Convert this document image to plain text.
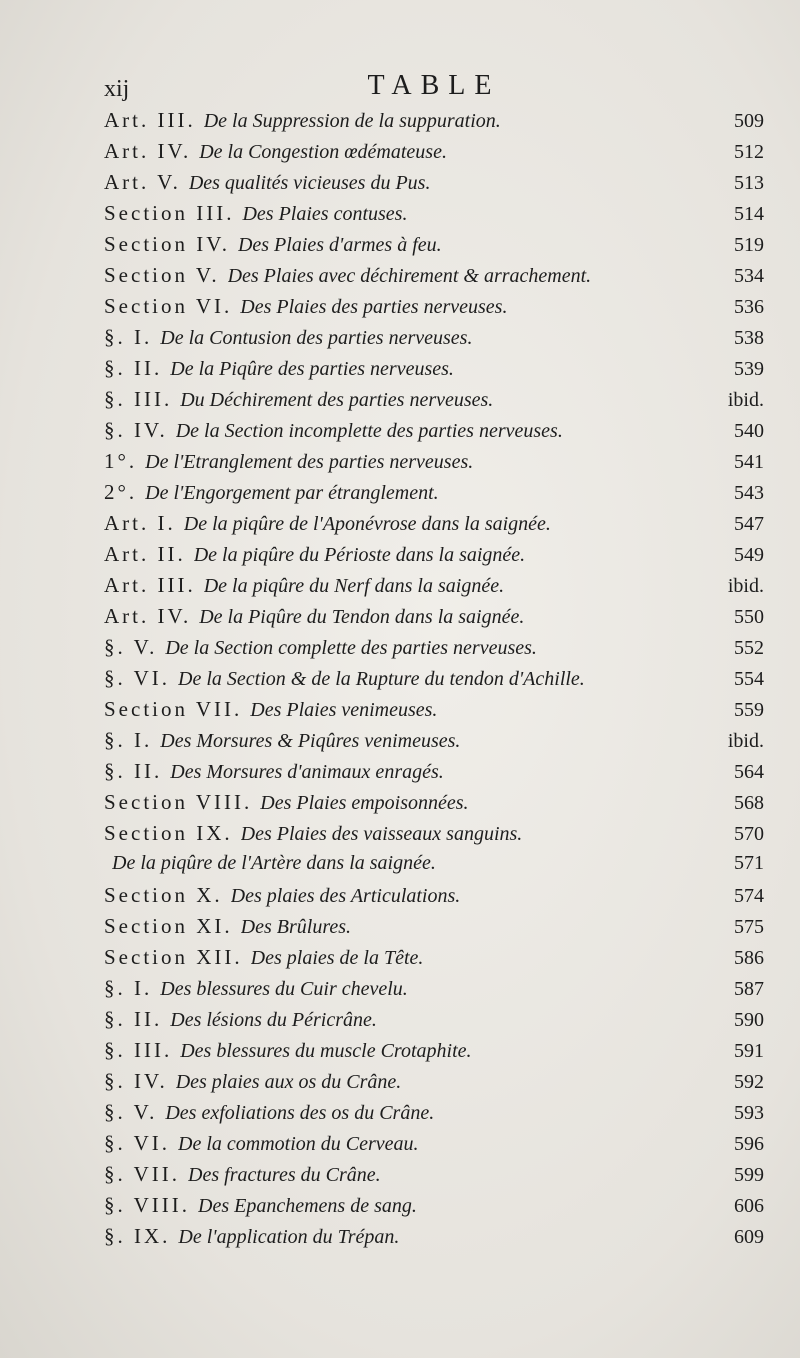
xij	TABLE
Art. III. De la Suppression de la suppuration.	509
Art. IV. De la Congestion œdémateuse.	512
Art. V. Des qualités vicieuses du Pus.	513
Section III. Des Plaies contuses.	514
Section IV. Des Plaies d'armes à feu.	519
Section V. Des Plaies avec déchirement & arrachement.	534
Section VI. Des Plaies des parties nerveuses.	536
§. I. De la Contusion des parties nerveuses.	538
§. II. De la Piqûre des parties nerveuses.	539
§. III. Du Déchirement des parties nerveuses.	ibid.
§. IV. De la Section incomplette des parties nerveuses.	540
1°. De l'Etranglement des parties nerveuses.	541
2°. De l'Engorgement par étranglement.	543
Art. I. De la piqûre de l'Aponévrose dans la saignée.	547
Art. II. De la piqûre du Périoste dans la saignée.	549
Art. III. De la piqûre du Nerf dans la saignée.	ibid.
Art. IV. De la Piqûre du Tendon dans la saignée.	550
§. V. De la Section complette des parties nerveuses.	552
§. VI. De la Section & de la Rupture du tendon d'Achille.	554
Section VII. Des Plaies venimeuses.	559
§. I. Des Morsures & Piqûres venimeuses.	ibid.
§. II. Des Morsures d'animaux enragés.	564
Section VIII. Des Plaies empoisonnées.	568
Section IX. Des Plaies des vaisseaux sanguins.	570
De la piqûre de l'Artère dans la saignée.	571
Section X. Des plaies des Articulations.	574
Section XI. Des Brûlures.	575
Section XII. Des plaies de la Tête.	586
§. I. Des blessures du Cuir chevelu.	587
§. II. Des lésions du Péricrâne.	590
§. III. Des blessures du muscle Crotaphite.	591
§. IV. Des plaies aux os du Crâne.	592
§. V. Des exfoliations des os du Crâne.	593
§. VI. De la commotion du Cerveau.	596
§. VII. Des fractures du Crâne.	599
§. VIII. Des Epanchemens de sang.	606
§. IX. De l'application du Trépan.	609
